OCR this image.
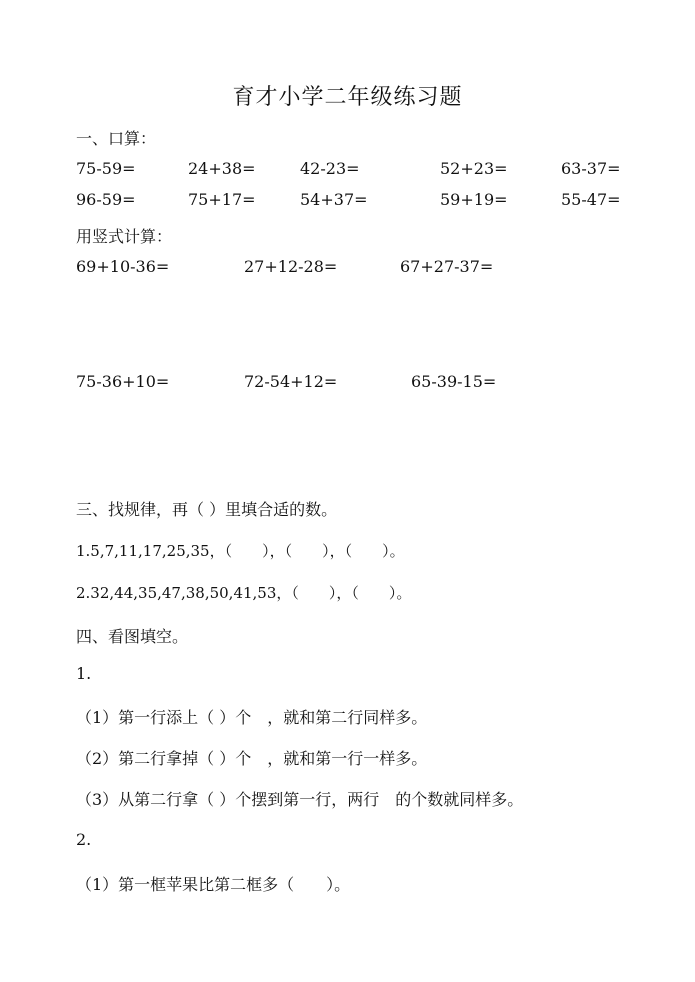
育才小学二年级练习题
一、口算：
75-59=	24+38=	42-23=	52+23=	63-37=
96-59=	75+17=	54+37=	59+19=	55-47=
用竖式计算：
69+10-36=	27+12-28=	67+27-37=
75-36+10=	72-54+12=	65-39-15=
三、找规律，再（ ）里填合适的数。
1.5,7,11,17,25,35，（　　），（　　），（　　）。
2.32,44,35,47,38,50,41,53，（　　），（　　）。
四、看图填空。
1.
（1）第一行添上（ ）个　，就和第二行同样多。
（2）第二行拿掉（ ）个　，就和第一行一样多。
（3）从第二行拿（ ）个摆到第一行，两行　的个数就同样多。
2.
（1）第一框苹果比第二框多（　　）。
